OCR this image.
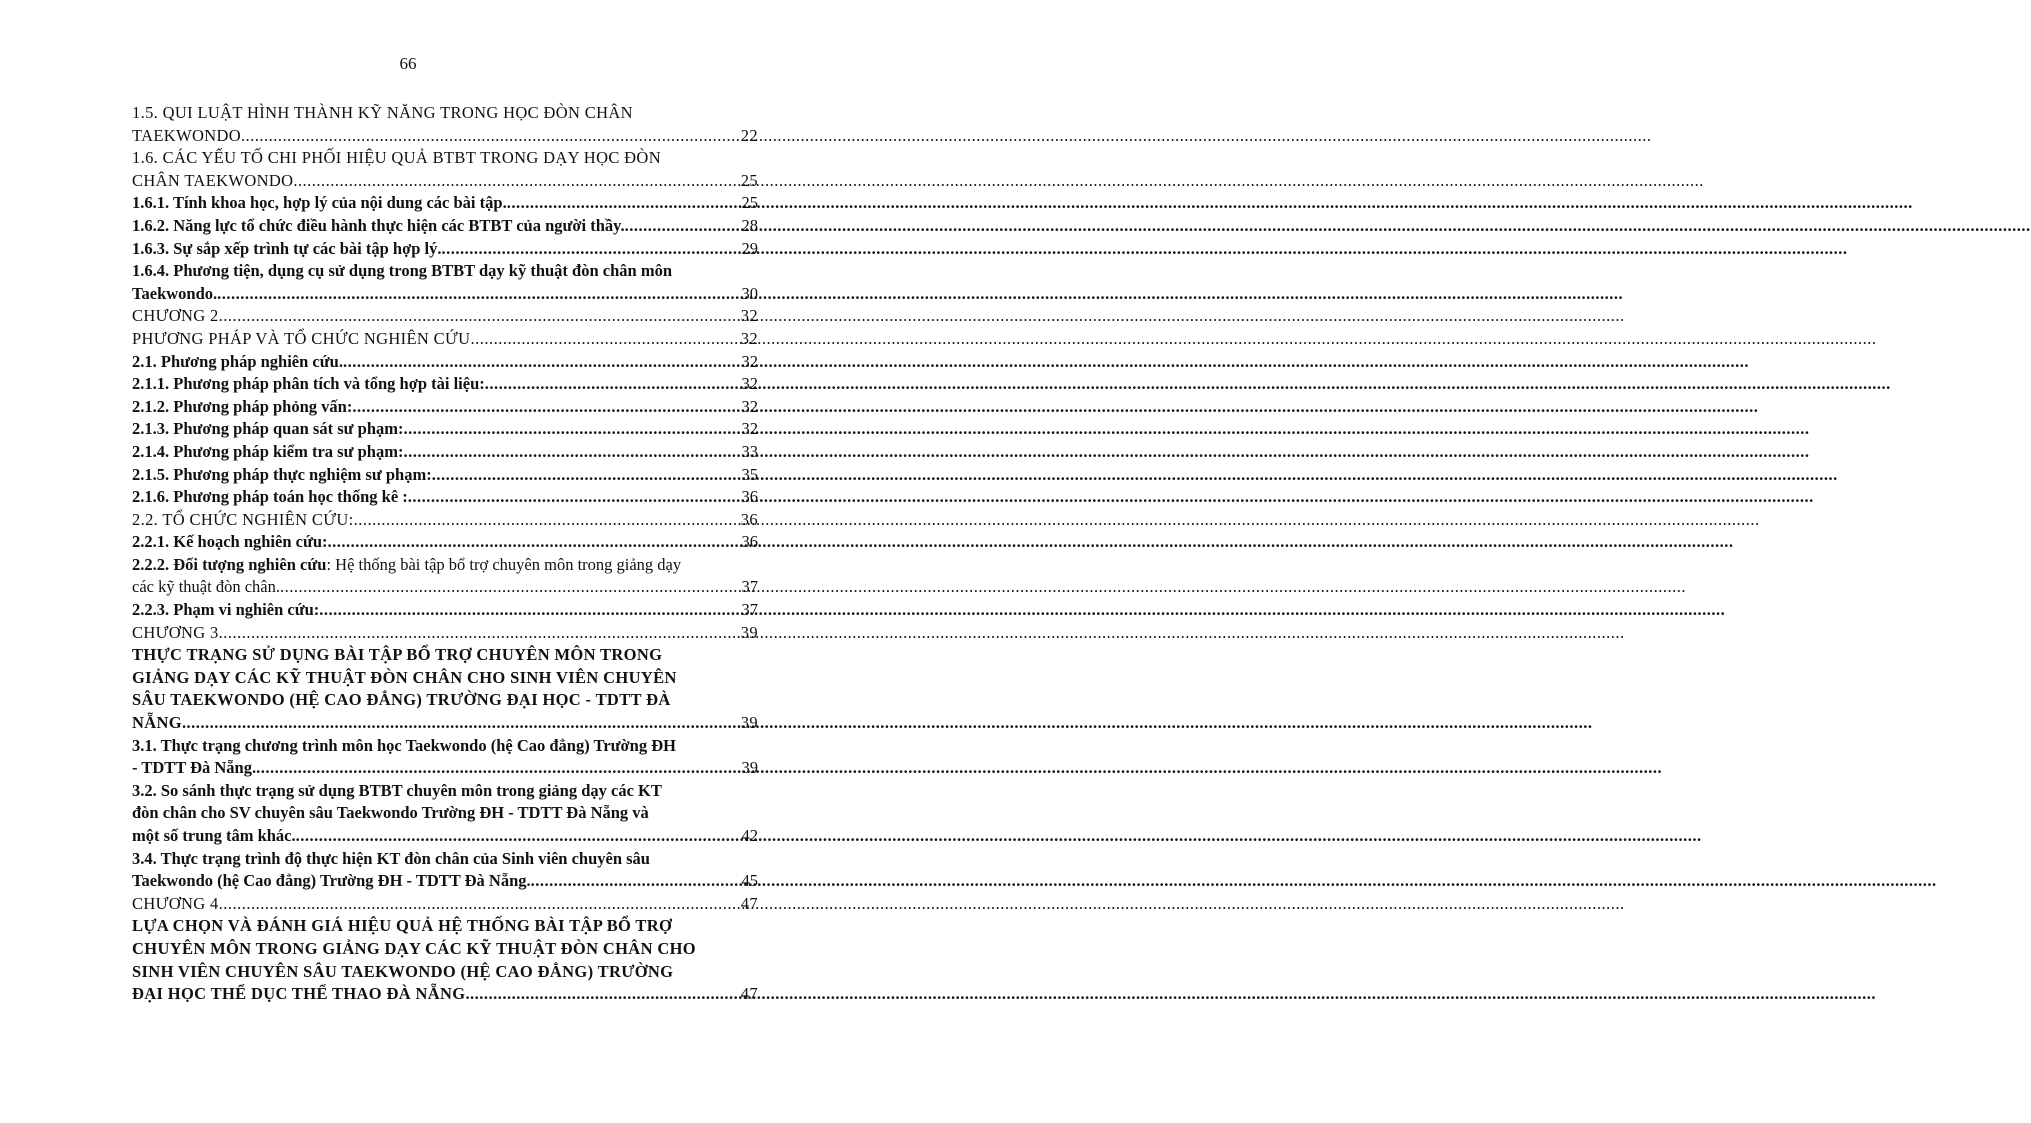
66
1.5. QUI LUẬT HÌNH THÀNH KỸ NĂNG TRONG HỌC ĐÒN CHÂN
TAEKWONDO. .....	22
1.6. CÁC YẾU TỐ CHI PHỐI HIỆU QUẢ BTBT TRONG DẠY HỌC ĐÒN
CHÂN TAEKWONDO. .....	25
1.6.1. Tính khoa học, hợp lý của nội dung các bài tập. .....	25
1.6.2. Năng lực tổ chức điều hành thực hiện các BTBT của người thầy. .....	28
1.6.3. Sự sắp xếp trình tự các bài tập hợp lý. .....	29
1.6.4. Phương tiện, dụng cụ sử dụng trong BTBT dạy kỹ thuật đòn chân môn
Taekwondo. .....	30
CHƯƠNG 2 .....	32
PHƯƠNG PHÁP VÀ TỔ CHỨC NGHIÊN CỨU .....	32
2.1. Phương pháp nghiên cứu. .....	32
2.1.1. Phương pháp phân tích và tổng hợp tài liệu: .....	32
2.1.2. Phương pháp phỏng vấn: .....	32
2.1.3. Phương pháp quan sát sư phạm: .....	32
2.1.4. Phương pháp kiểm tra sư phạm: .....	33
2.1.5. Phương pháp thực nghiệm sư phạm: .....	35
2.1.6. Phương pháp toán học thống kê : .....	36
2.2. TỔ CHỨC NGHIÊN CỨU: .....	36
2.2.1. Kế hoạch nghiên cứu: .....	36
2.2.2. Đối tượng nghiên cứu: Hệ thống bài tập bổ trợ chuyên môn trong giảng dạy
các kỹ thuật đòn chân. .....	37
2.2.3. Phạm vi nghiên cứu: .....	37
CHƯƠNG 3 .....	39
THỰC TRẠNG SỬ DỤNG BÀI TẬP BỔ TRỢ CHUYÊN MÔN TRONG
GIẢNG DẠY CÁC KỸ THUẬT ĐÒN CHÂN CHO SINH VIÊN CHUYÊN
SÂU TAEKWONDO (HỆ CAO ĐẲNG) TRƯỜNG ĐẠI HỌC - TDTT ĐÀ
NẴNG. .....	39
3.1. Thực trạng chương trình môn học Taekwondo (hệ Cao đẳng) Trường ĐH
- TDTT Đà Nẵng. .....	39
3.2. So sánh thực trạng sử dụng BTBT chuyên môn trong giảng dạy các KT
đòn chân cho SV chuyên sâu Taekwondo Trường ĐH - TDTT Đà Nẵng và
một số trung tâm khác. .....	42
3.4. Thực trạng trình độ thực hiện KT đòn chân của Sinh viên chuyên sâu
Taekwondo (hệ Cao đẳng) Trường ĐH - TDTT Đà Nẵng. .....	45
CHƯƠNG 4 .....	47
LỰA CHỌN VÀ ĐÁNH GIÁ HIỆU QUẢ HỆ THỐNG BÀI TẬP BỔ TRỢ
CHUYÊN MÔN TRONG GIẢNG DẠY CÁC KỸ THUẬT ĐÒN CHÂN CHO
SINH VIÊN CHUYÊN SÂU TAEKWONDO (HỆ CAO ĐẲNG) TRƯỜNG
ĐẠI HỌC THỂ DỤC THỂ THAO ĐÀ NẴNG. .....	47
